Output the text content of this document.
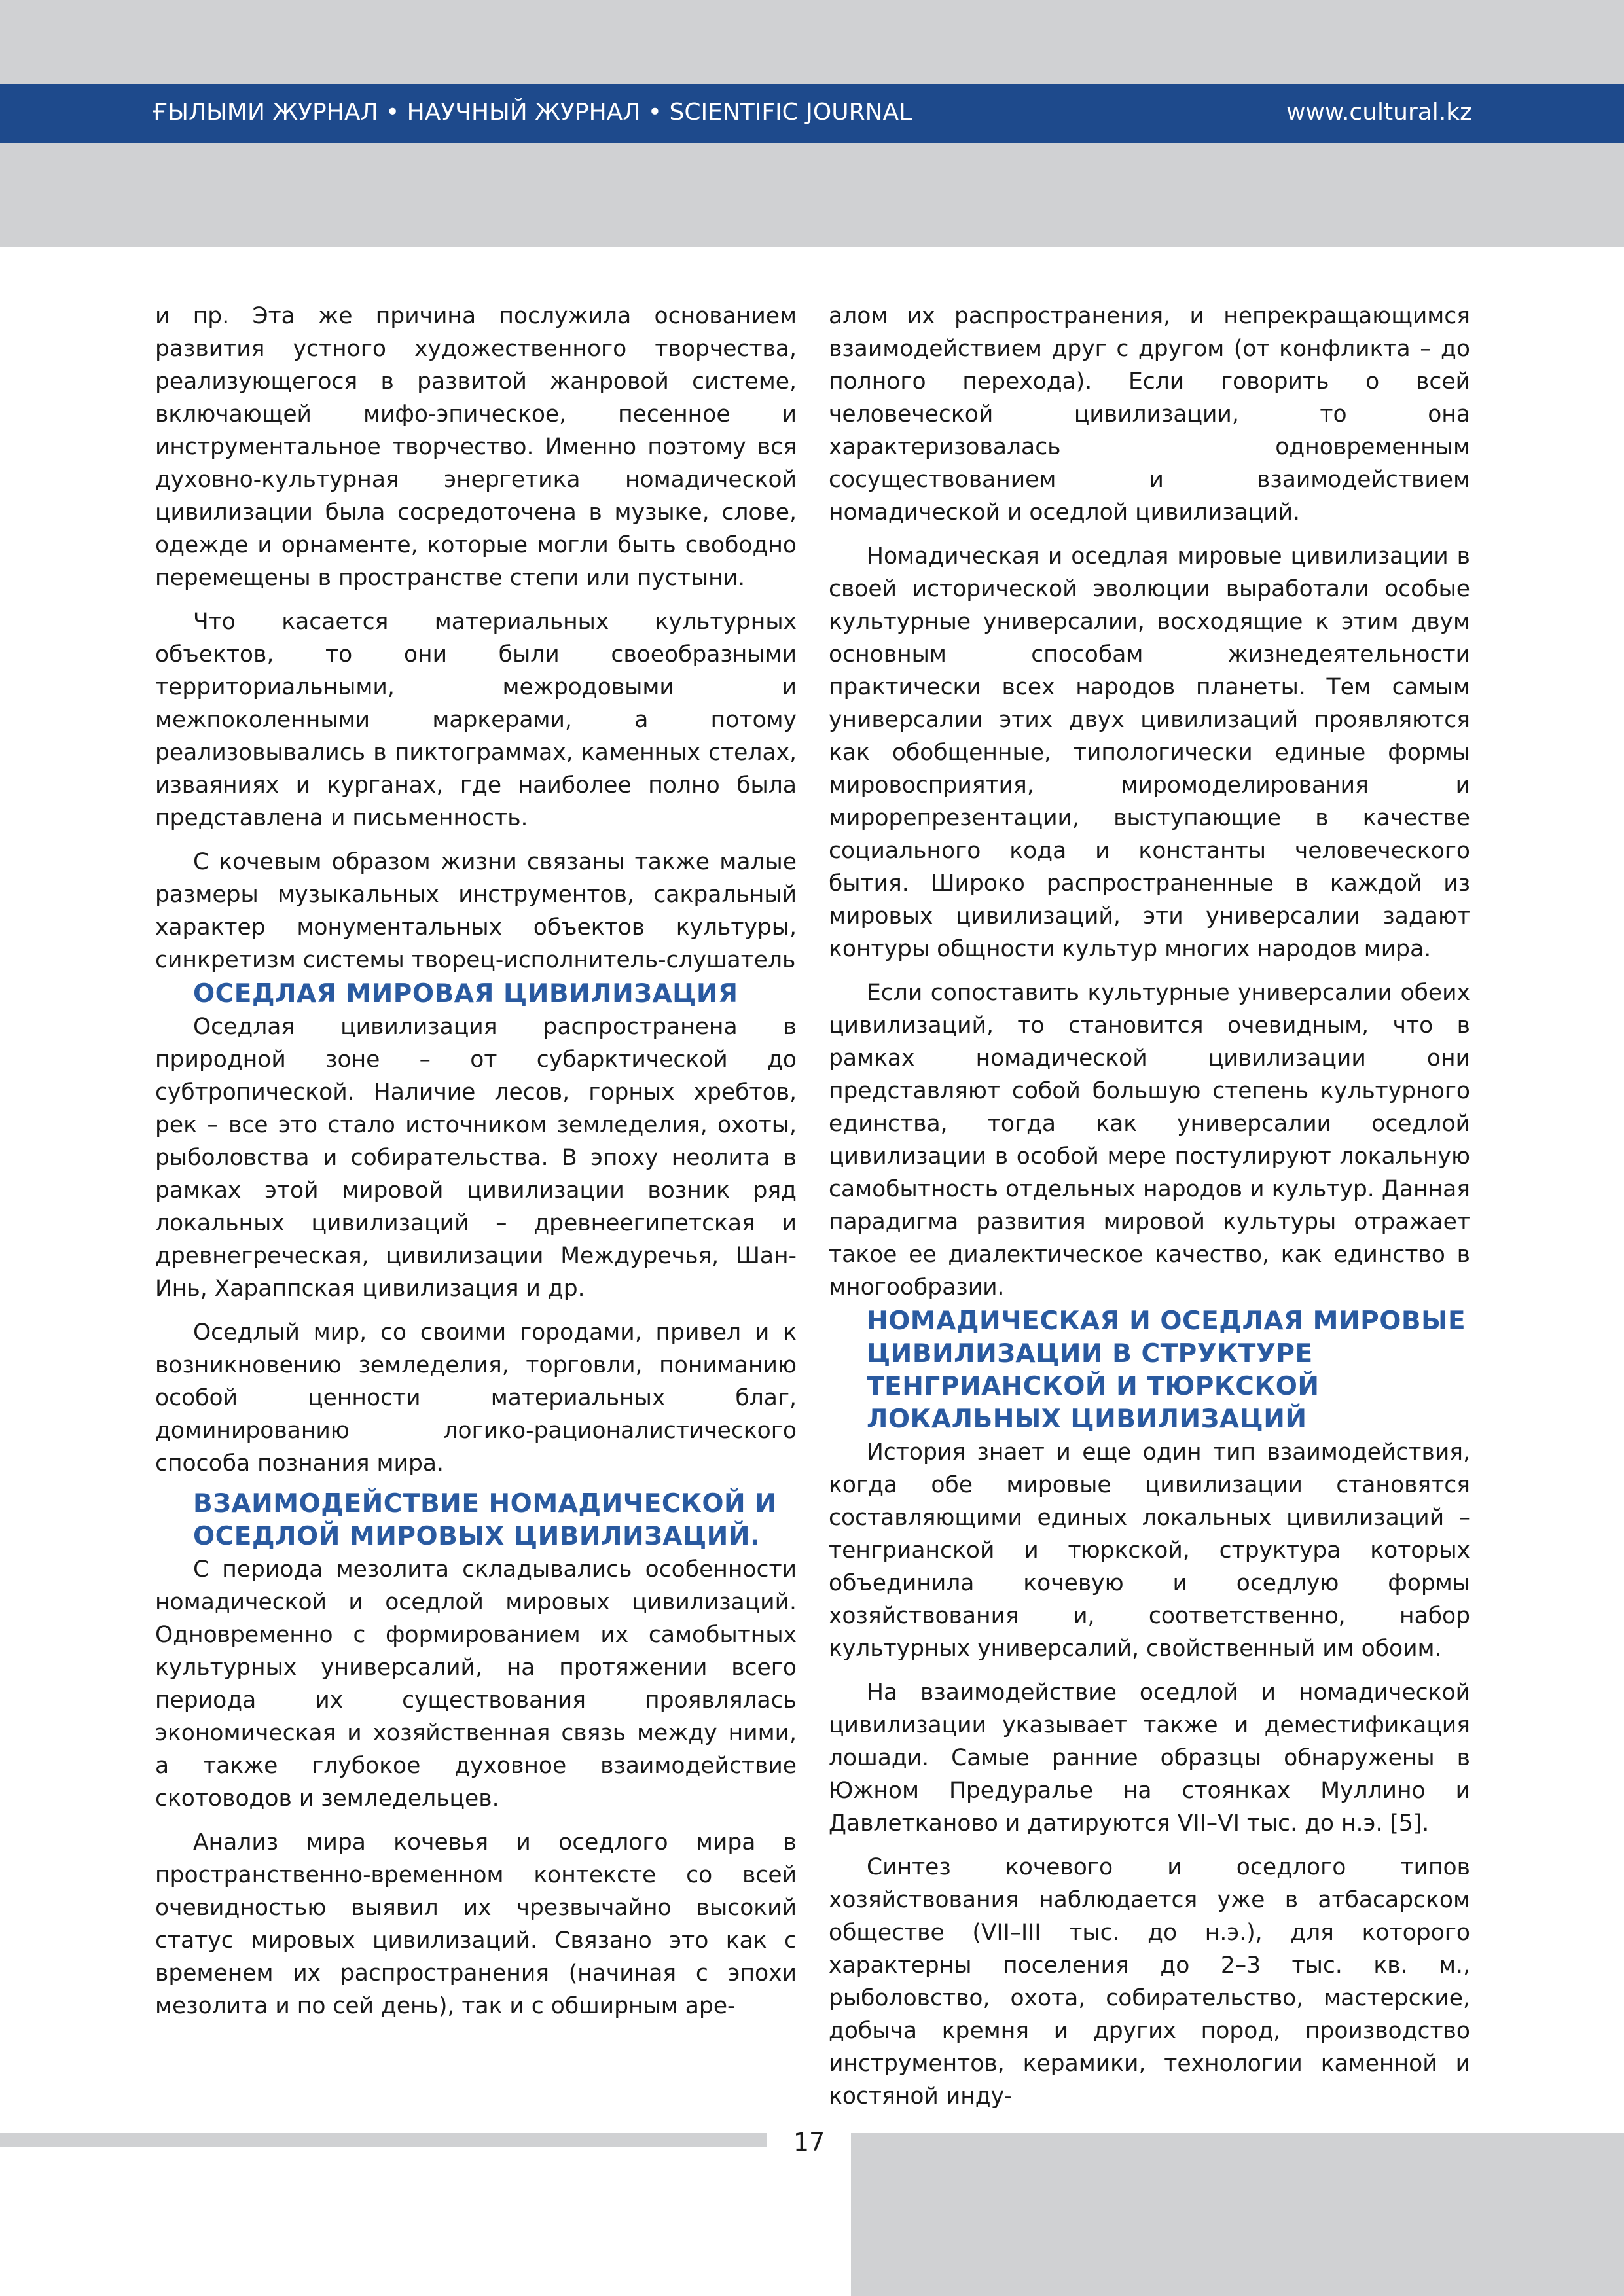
ҒЫЛЫМИ ЖУРНАЛ • НАУЧНЫЙ ЖУРНАЛ • SCIENTIFIC JOURNAL	www.cultural.kz

и пр. Эта же причина послужила основанием развития устного художественного творчества, реализующегося в развитой жанровой системе, включающей мифо-эпическое, песенное и инструментальное творчество. Именно поэтому вся духовно-культурная энергетика номадической цивилизации была сосредоточена в музыке, слове, одежде и орнаменте, которые могли быть свободно перемещены в пространстве степи или пустыни.

Что касается материальных культурных объектов, то они были своеобразными территориальными, межродовыми и межпоколенными маркерами, а потому реализовывались в пиктограммах, каменных стелах, изваяниях и курганах, где наиболее полно была представлена и письменность.

С кочевым образом жизни связаны также малые размеры музыкальных инструментов, сакральный характер монументальных объектов культуры, синкретизм системы творец-исполнитель-слушатель

ОСЕДЛАЯ МИРОВАЯ ЦИВИЛИЗАЦИЯ

Оседлая цивилизация распространена в природной зоне – от субарктической до субтропической. Наличие лесов, горных хребтов, рек – все это стало источником земледелия, охоты, рыболовства и собирательства. В эпоху неолита в рамках этой мировой цивилизации возник ряд локальных цивилизаций – древнеегипетская и древнегреческая, цивилизации Междуречья, Шан-Инь, Хараппская цивилизация и др.

Оседлый мир, со своими городами, привел и к возникновению земледелия, торговли, пониманию особой ценности материальных благ, доминированию логико-рационалистического способа познания мира.

ВЗАИМОДЕЙСТВИЕ НОМАДИЧЕСКОЙ И
ОСЕДЛОЙ МИРОВЫХ ЦИВИЛИЗАЦИЙ.

С периода мезолита складывались особенности номадической и оседлой мировых цивилизаций. Одновременно с формированием их самобытных культурных универсалий, на протяжении всего периода их существования проявлялась экономическая и хозяйственная связь между ними, а также глубокое духовное взаимодействие скотоводов и земледельцев.

Анализ мира кочевья и оседлого мира в пространственно-временном контексте со всей очевидностью выявил их чрезвычайно высокий статус мировых цивилизаций. Связано это как с временем их распространения (начиная с эпохи мезолита и по сей день), так и с обширным аре-

алом их распространения, и непрекращающимся взаимодействием друг с другом (от конфликта – до полного перехода). Если говорить о всей человеческой цивилизации, то она характеризовалась одновременным сосуществованием и взаимодействием номадической и оседлой цивилизаций.

Номадическая и оседлая мировые цивилизации в своей исторической эволюции выработали особые культурные универсалии, восходящие к этим двум основным способам жизнедеятельности практически всех народов планеты. Тем самым универсалии этих двух цивилизаций проявляются как обобщенные, типологически единые формы мировосприятия, миромоделирования и мирорепрезентации, выступающие в качестве социального кода и константы человеческого бытия. Широко распространенные в каждой из мировых цивилизаций, эти универсалии задают контуры общности культур многих народов мира.

Если сопоставить культурные универсалии обеих цивилизаций, то становится очевидным, что в рамках номадической цивилизации они представляют собой большую степень культурного единства, тогда как универсалии оседлой цивилизации в особой мере постулируют локальную самобытность отдельных народов и культур. Данная парадигма развития мировой культуры отражает такое ее диалектическое качество, как единство в многообразии.

НОМАДИЧЕСКАЯ И ОСЕДЛАЯ МИРОВЫЕ
ЦИВИЛИЗАЦИИ В СТРУКТУРЕ
ТЕНГРИАНСКОЙ И ТЮРКСКОЙ
ЛОКАЛЬНЫХ ЦИВИЛИЗАЦИЙ

История знает и еще один тип взаимодействия, когда обе мировые цивилизации становятся составляющими единых локальных цивилизаций – тенгрианской и тюркской, структура которых объединила кочевую и оседлую формы хозяйствования и, соответственно, набор культурных универсалий, свойственный им обоим.

На взаимодействие оседлой и номадической цивилизации указывает также и деместификация лошади. Самые ранние образцы обнаружены в Южном Предуралье на стоянках Муллино и Давлетканово и датируются VII–VI тыс. до н.э. [5].

Синтез кочевого и оседлого типов хозяйствования наблюдается уже в атбасарском обществе (VII–III тыс. до н.э.), для которого характерны поселения до 2–3 тыс. кв. м., рыболовство, охота, собирательство, мастерские, добыча кремня и других пород, производство инструментов, керамики, технологии каменной и костяной инду-

17
